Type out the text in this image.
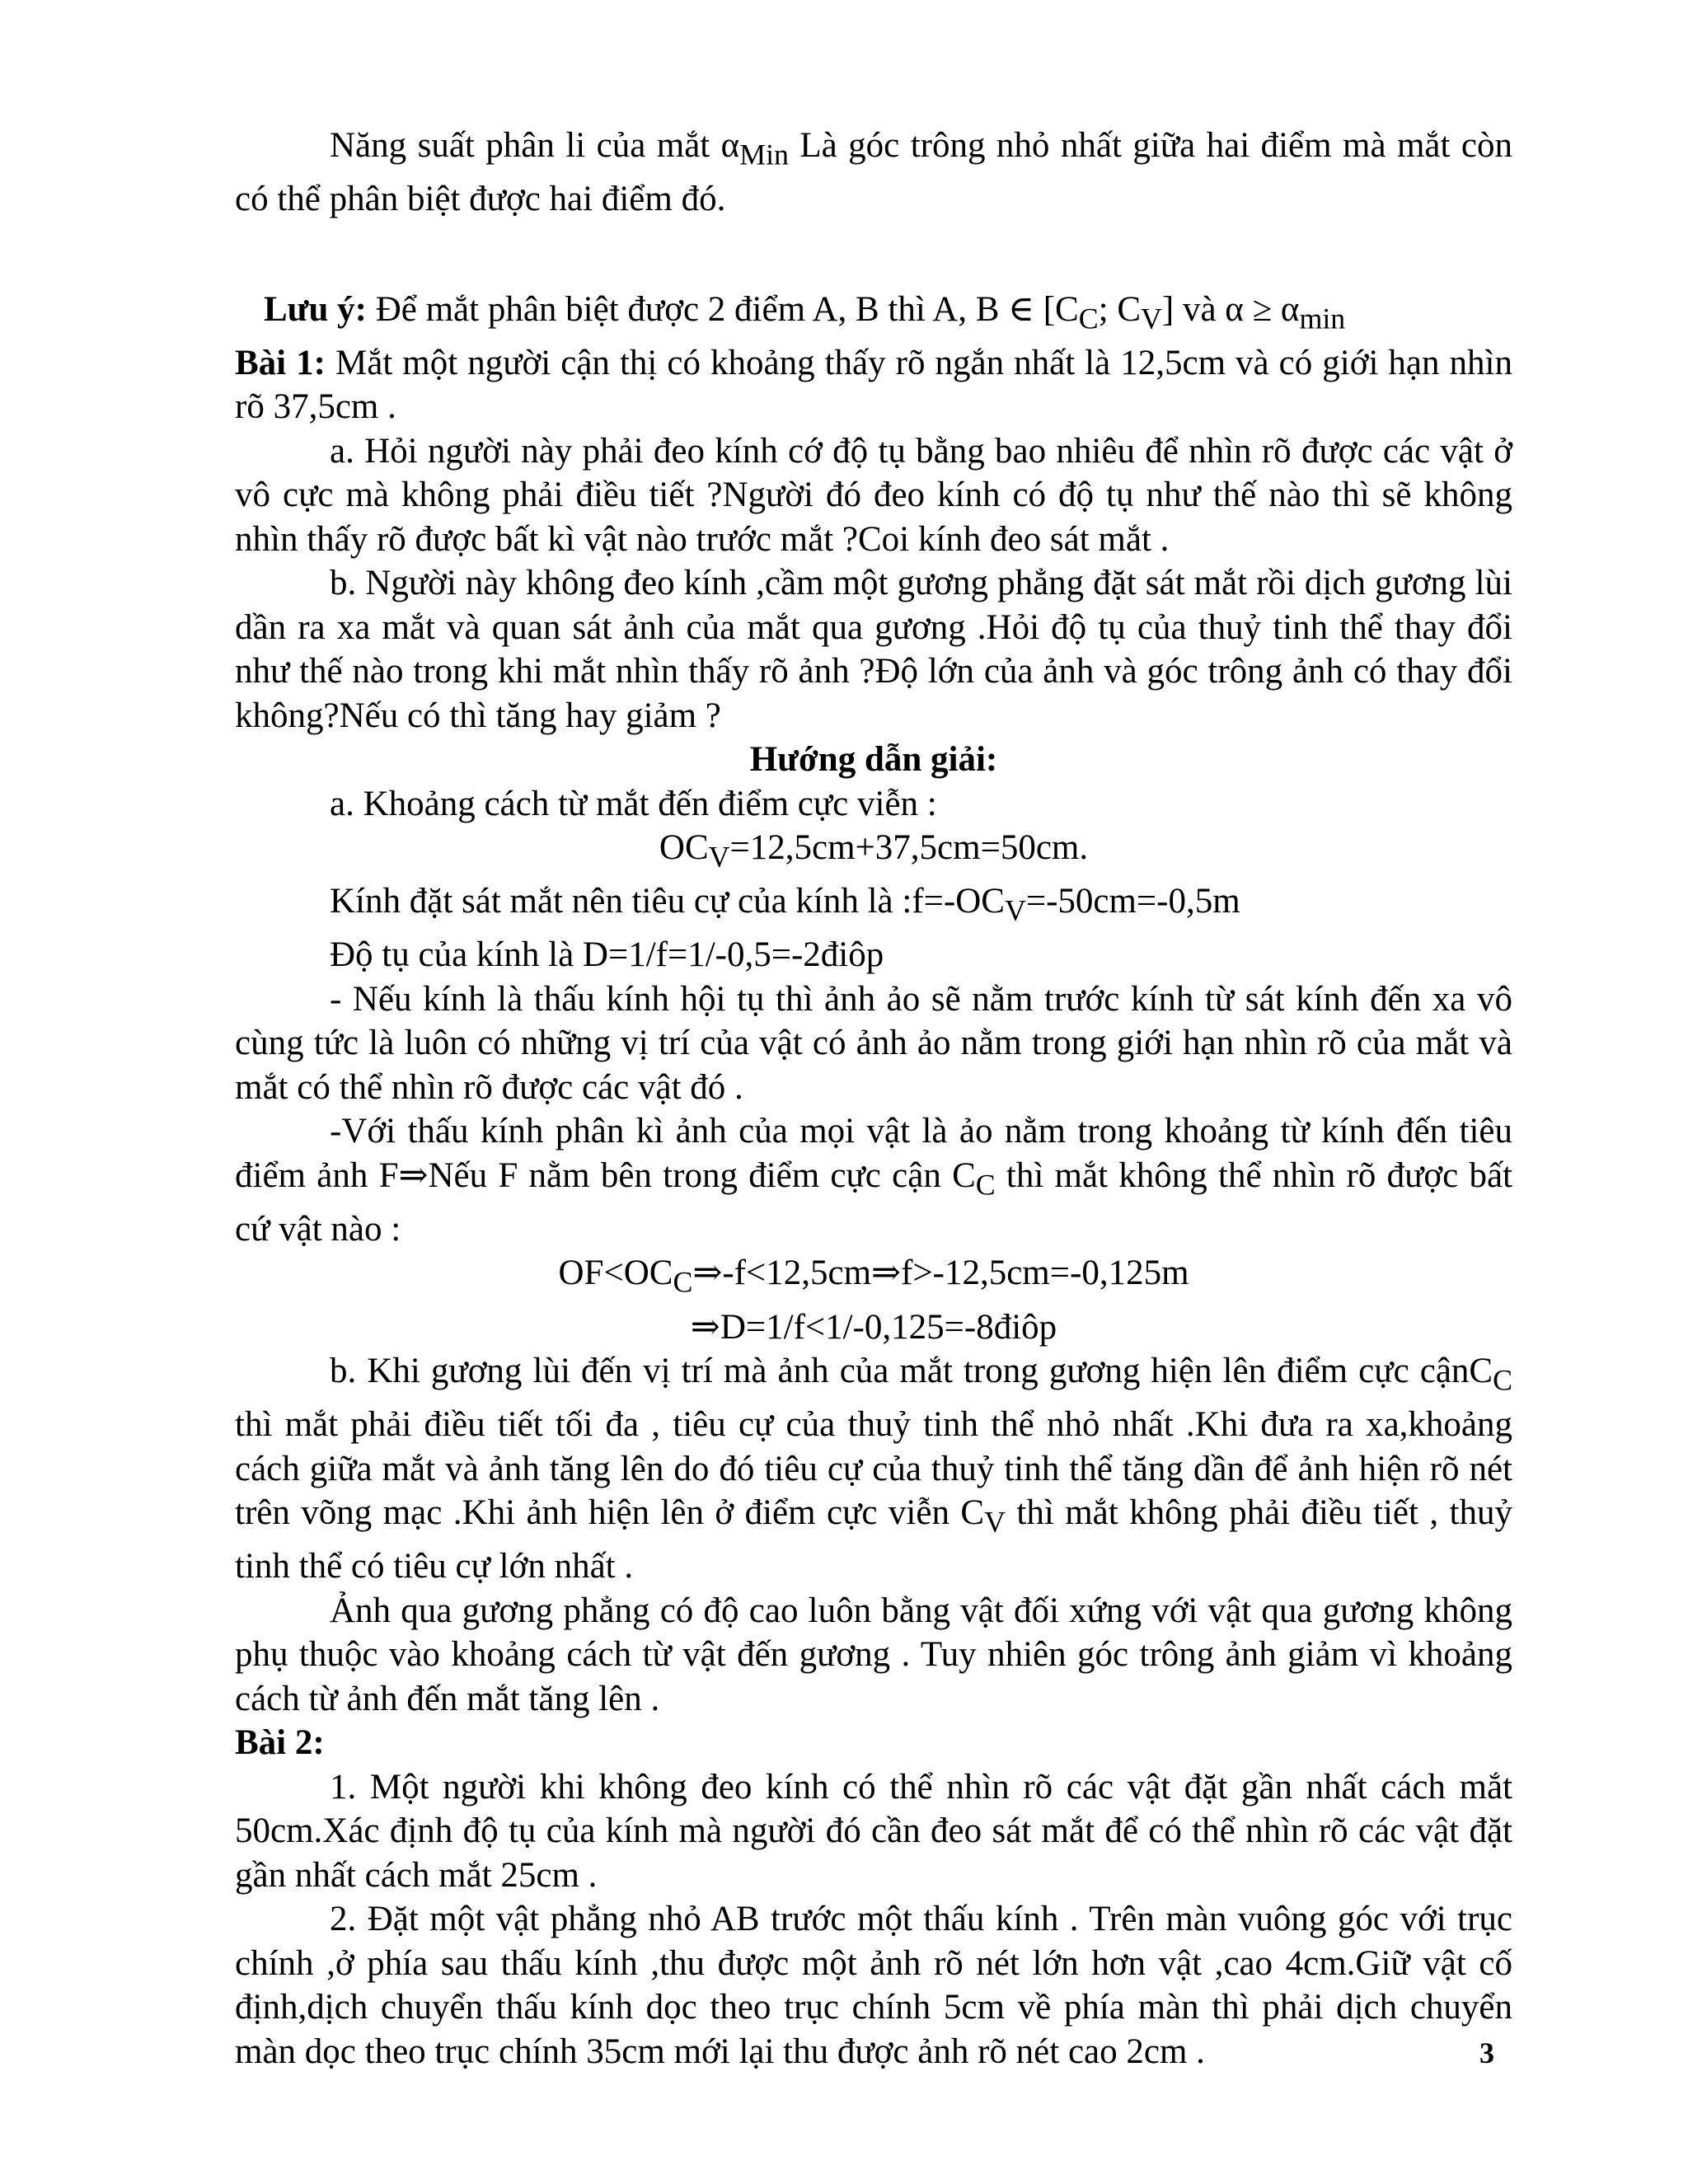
Năng suất phân li của mắt $\alpha_{Min}$ Là góc trông nhỏ nhất giữa hai điểm mà mắt còn có thể phân biệt được hai điểm đó.

Lưu ý: Để mắt phân biệt được 2 điểm A, B thì A, B ∈ [$C_C$; $C_V$] và $\alpha \ge \alpha_{min}$

Bài 1: Mắt một người cận thị có khoảng thấy rõ ngắn nhất là 12,5cm và có giới hạn nhìn rõ 37,5cm .

a. Hỏi người này phải đeo kính cớ độ tụ bằng bao nhiêu để nhìn rõ được các vật ở vô cực mà không phải điều tiết ?Người đó đeo kính có độ tụ như thế nào thì sẽ không nhìn thấy rõ được bất kì vật nào trước mắt ?Coi kính đeo sát mắt .

b. Người này không đeo kính ,cầm một gương phẳng đặt sát mắt rồi dịch gương lùi dần ra xa mắt và quan sát ảnh của mắt qua gương .Hỏi độ tụ của thuỷ tinh thể thay đổi như thế nào trong khi mắt nhìn thấy rõ ảnh ?Độ lớn của ảnh và góc trông ảnh có thay đổi không?Nếu có thì tăng hay giảm ?

Hướng dẫn giải:

a. Khoảng cách từ mắt đến điểm cực viễn :

$OC_V=12,5cm+37,5cm=50cm$.

Kính đặt sát mắt nên tiêu cự của kính là $:f=-OC_V=-50cm=-0,5m$

Độ tụ của kính là D=1/f=1/-0,5=-2điôp

- Nếu kính là thấu kính hội tụ thì ảnh ảo sẽ nằm trước kính từ sát kính đến xa vô cùng tức là luôn có những vị trí của vật có ảnh ảo nằm trong giới hạn nhìn rõ của mắt và mắt có thể nhìn rõ được các vật đó .

-Với thấu kính phân kì ảnh của mọi vật là ảo nằm trong khoảng từ kính đến tiêu điểm ảnh F⇒Nếu F nằm bên trong điểm cực cận $C_C$ thì mắt không thể nhìn rõ được bất cứ vật nào :

$OF<OC_C\Rightarrow-f<12,5cm\Rightarrow f>-12,5cm=-0,125m$

⇒D=1/f<1/-0,125=-8điôp

b. Khi gương lùi đến vị trí mà ảnh của mắt trong gương hiện lên điểm cực cậnC$_C$ thì mắt phải điều tiết tối đa , tiêu cự của thuỷ tinh thể nhỏ nhất .Khi đưa ra xa,khoảng cách giữa mắt và ảnh tăng lên do đó tiêu cự của thuỷ tinh thể tăng dần để ảnh hiện rõ nét trên võng mạc .Khi ảnh hiện lên ở điểm cực viễn $C_V$ thì mắt không phải điều tiết , thuỷ tinh thể có tiêu cự lớn nhất .

Ảnh qua gương phẳng có độ cao luôn bằng vật đối xứng với vật qua gương không phụ thuộc vào khoảng cách từ vật đến gương . Tuy nhiên góc trông ảnh giảm vì khoảng cách từ ảnh đến mắt tăng lên .

Bài 2:

1. Một người khi không đeo kính có thể nhìn rõ các vật đặt gần nhất cách mắt 50cm.Xác định độ tụ của kính mà người đó cần đeo sát mắt để có thể nhìn rõ các vật đặt gần nhất cách mắt 25cm .

2. Đặt một vật phẳng nhỏ AB trước một thấu kính . Trên màn vuông góc với trục chính ,ở phía sau thấu kính ,thu được một ảnh rõ nét lớn hơn vật ,cao 4cm.Giữ vật cố định,dịch chuyển thấu kính dọc theo trục chính 5cm về phía màn thì phải dịch chuyển màn dọc theo trục chính 35cm mới lại thu được ảnh rõ nét cao 2cm .	3
